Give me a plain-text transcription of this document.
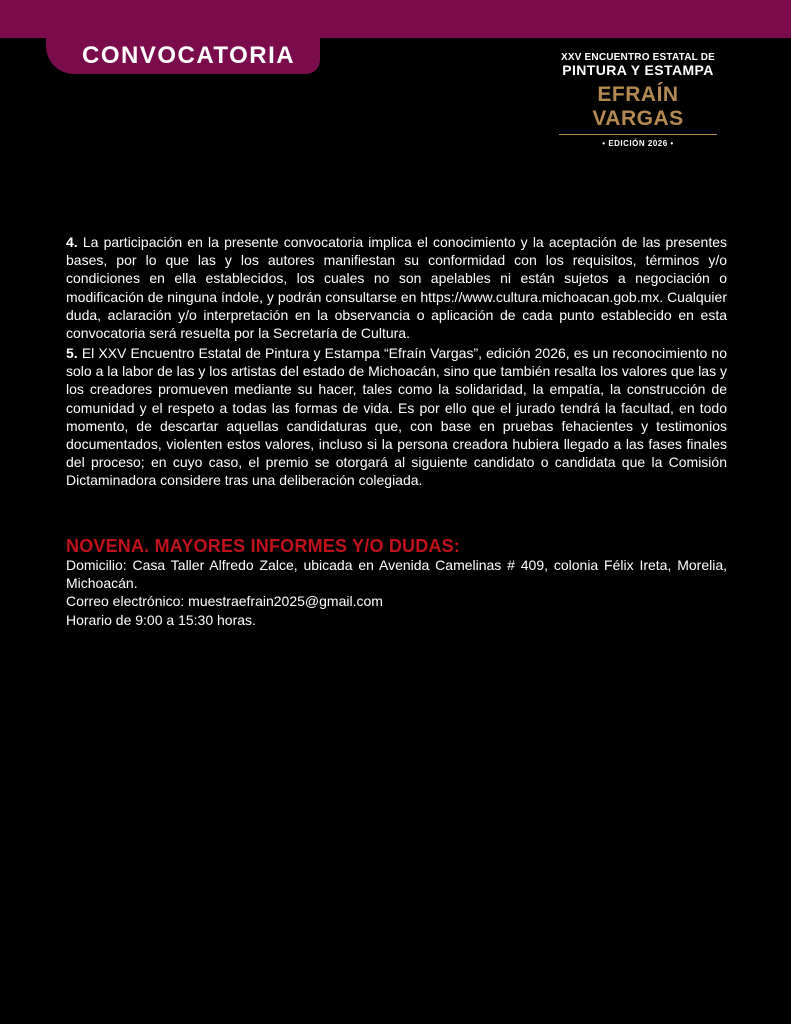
CONVOCATORIA	XXV ENCUENTRO ESTATAL DE
PINTURA Y ESTAMPA
EFRAÍN VARGAS
• EDICIÓN 2026 •
4. La participación en la presente convocatoria implica el conocimiento y la aceptación de las presentes bases, por lo que las y los autores manifiestan su conformidad con los requisitos, términos y/o condiciones en ella establecidos, los cuales no son apelables ni están sujetos a negociación o modificación de ninguna índole, y podrán consultarse en https://www.cultura.michoacan.gob.mx. Cualquier duda, aclaración y/o interpretación en la observancia o aplicación de cada punto establecido en esta convocatoria será resuelta por la Secretaría de Cultura.
5. El XXV Encuentro Estatal de Pintura y Estampa “Efraín Vargas”, edición 2026, es un reconocimiento no solo a la labor de las y los artistas del estado de Michoacán, sino que también resalta los valores que las y los creadores promueven mediante su hacer, tales como la solidaridad, la empatía, la construcción de comunidad y el respeto a todas las formas de vida. Es por ello que el jurado tendrá la facultad, en todo momento, de descartar aquellas candidaturas que, con base en pruebas fehacientes y testimonios documentados, violenten estos valores, incluso si la persona creadora hubiera llegado a las fases finales del proceso; en cuyo caso, el premio se otorgará al siguiente candidato o candidata que la Comisión Dictaminadora considere tras una deliberación colegiada.
NOVENA. MAYORES INFORMES Y/O DUDAS:
Domicilio: Casa Taller Alfredo Zalce, ubicada en Avenida Camelinas # 409, colonia Félix Ireta, Morelia, Michoacán.
Correo electrónico: muestraefrain2025@gmail.com
Horario de 9:00 a 15:30 horas.
